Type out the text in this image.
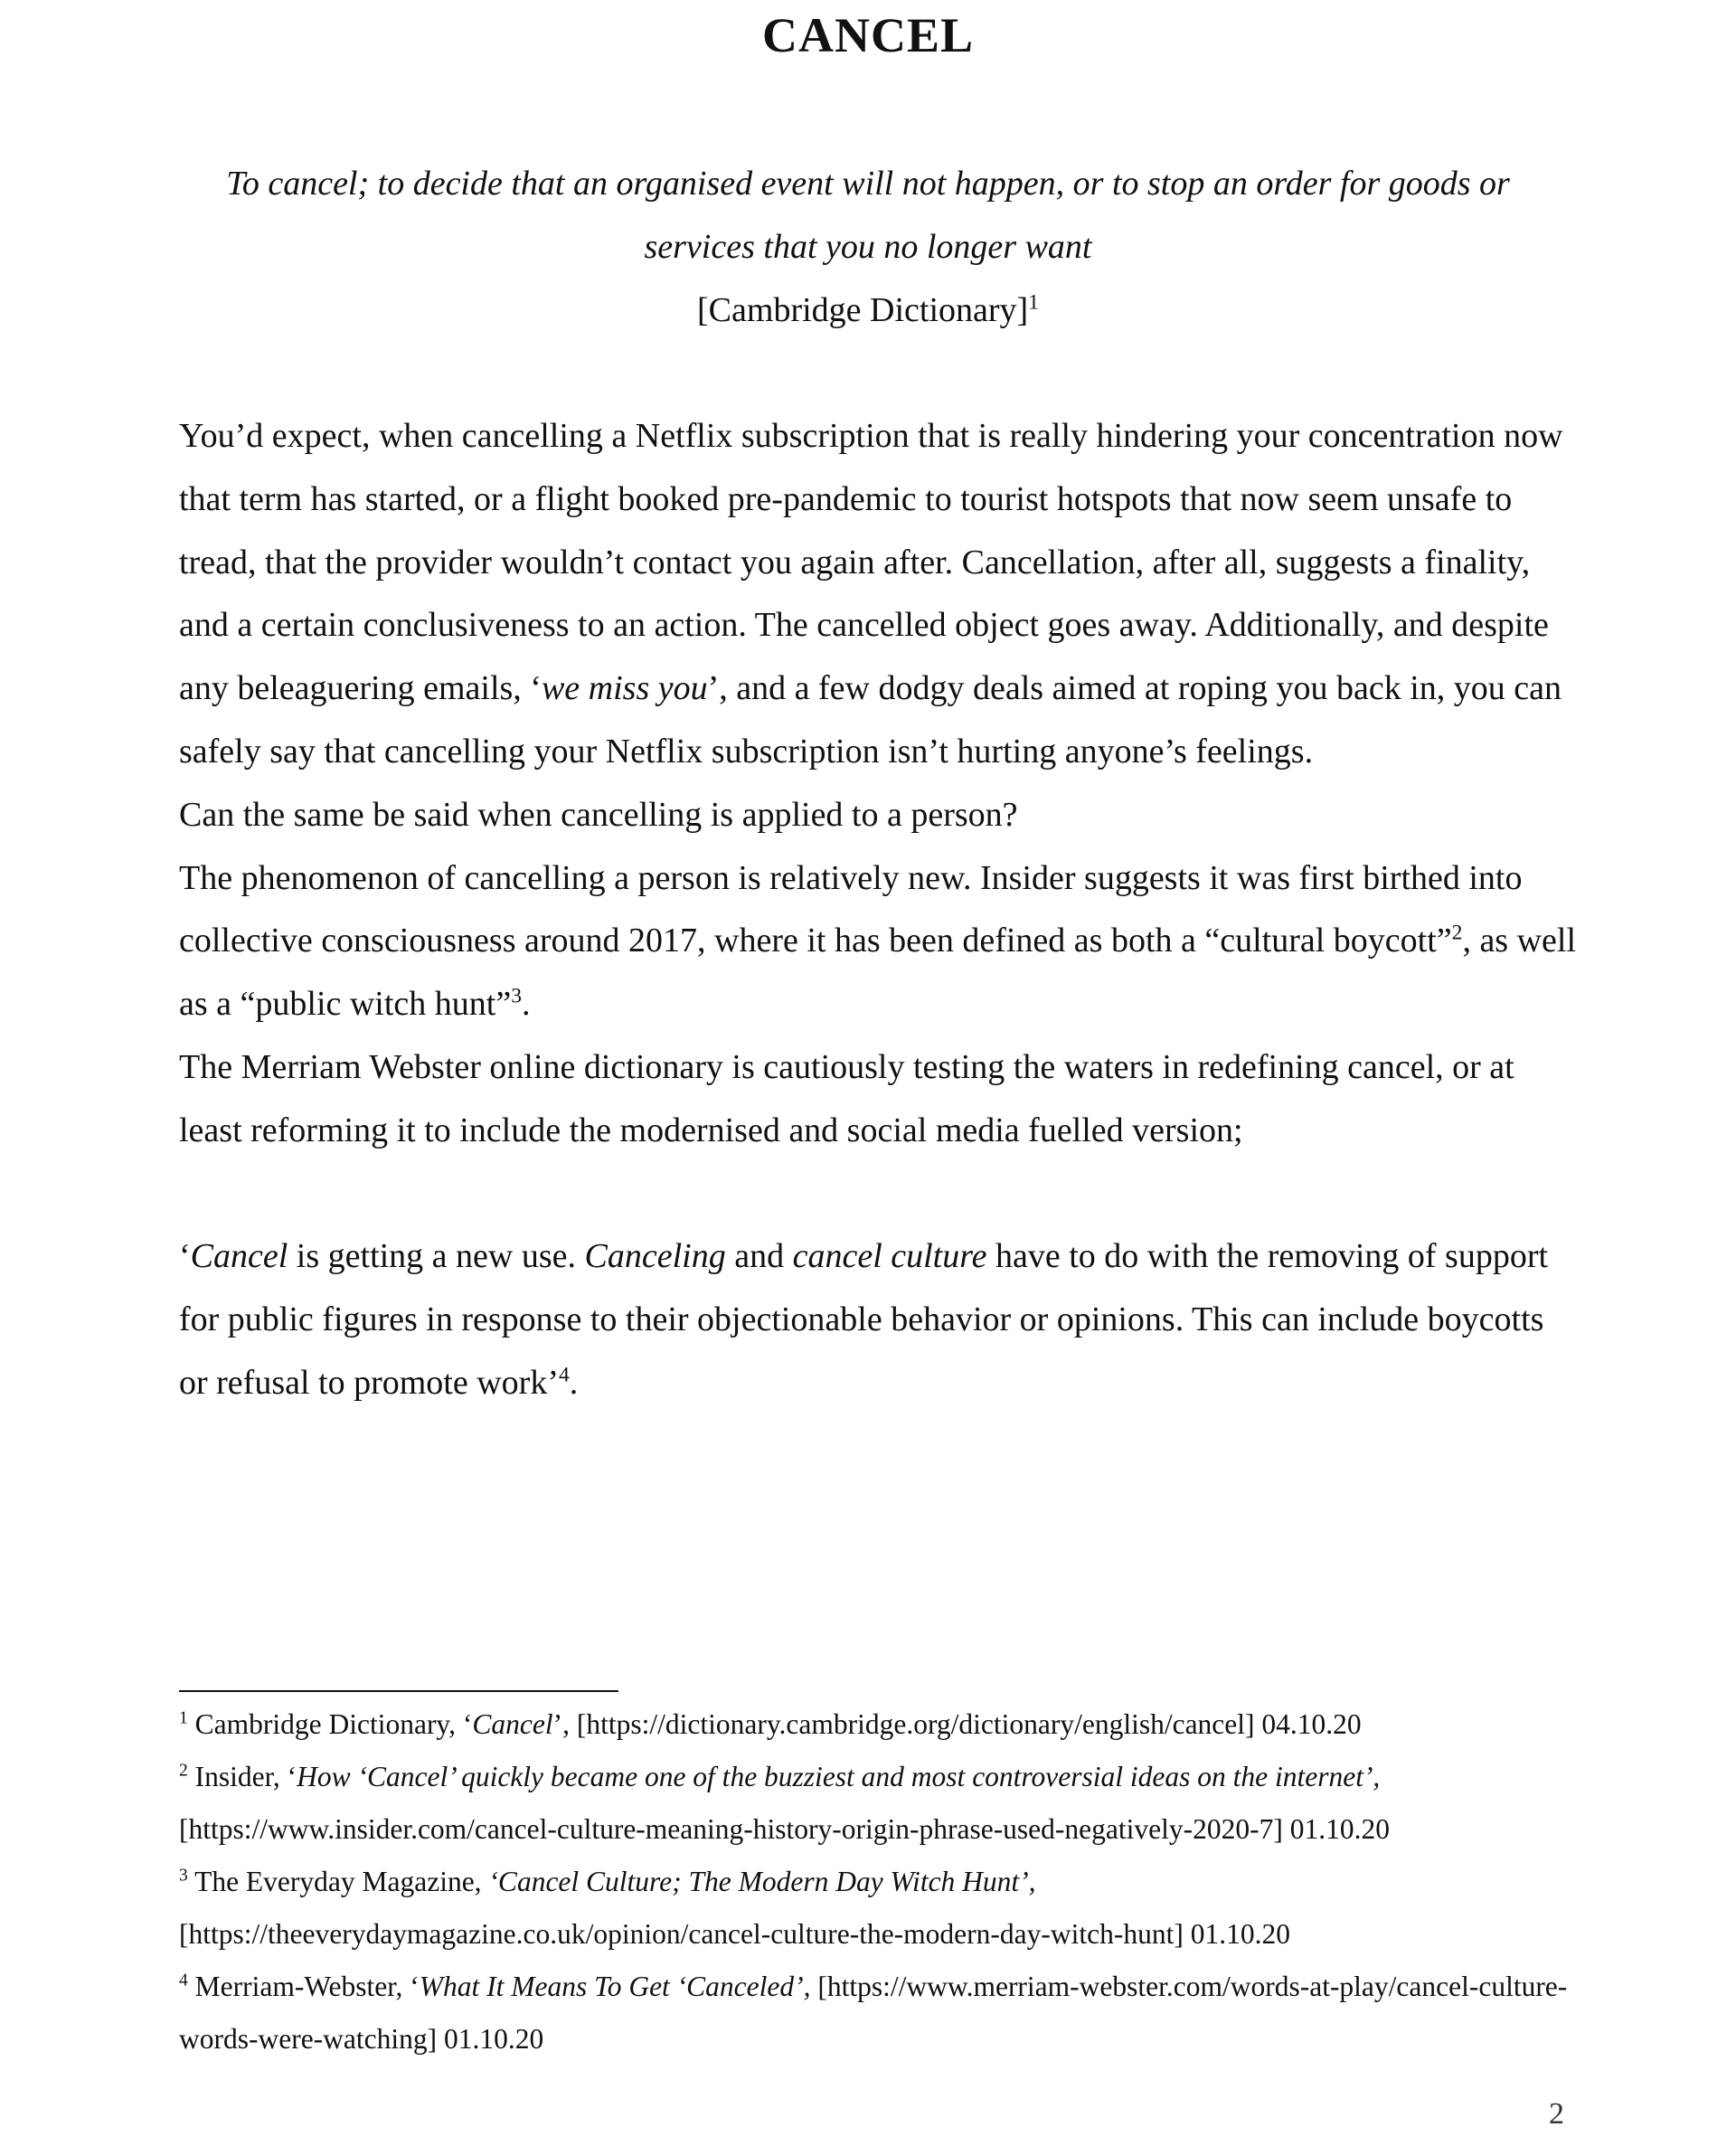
CANCEL
To cancel; to decide that an organised event will not happen, or to stop an order for goods or
services that you no longer want
[Cambridge Dictionary]$^1$

You’d expect, when cancelling a Netflix subscription that is really hindering your concentration now that term has started, or a flight booked pre-pandemic to tourist hotspots that now seem unsafe to tread, that the provider wouldn’t contact you again after. Cancellation, after all, suggests a finality, and a certain conclusiveness to an action. The cancelled object goes away. Additionally, and despite any beleaguering emails, ‘we miss you’, and a few dodgy deals aimed at roping you back in, you can safely say that cancelling your Netflix subscription isn’t hurting anyone’s feelings.

Can the same be said when cancelling is applied to a person?

The phenomenon of cancelling a person is relatively new. Insider suggests it was first birthed into collective consciousness around 2017, where it has been defined as both a “cultural boycott”$^2$, as well as a “public witch hunt”$^3$.

The Merriam Webster online dictionary is cautiously testing the waters in redefining cancel, or at least reforming it to include the modernised and social media fuelled version;

‘Cancel is getting a new use. Canceling and cancel culture have to do with the removing of support for public figures in response to their objectionable behavior or opinions. This can include boycotts or refusal to promote work’$^4$.

$^1$ Cambridge Dictionary, ‘Cancel’, [https://dictionary.cambridge.org/dictionary/english/cancel] 04.10.20

$^2$ Insider, ‘How ‘Cancel’ quickly became one of the buzziest and most controversial ideas on the internet’, [https://www.insider.com/cancel-culture-meaning-history-origin-phrase-used-negatively-2020-7] 01.10.20

$^3$ The Everyday Magazine, ‘Cancel Culture; The Modern Day Witch Hunt’, [https://theeverydaymagazine.co.uk/opinion/cancel-culture-the-modern-day-witch-hunt] 01.10.20

$^4$ Merriam-Webster, ‘What It Means To Get ‘Canceled’, [https://www.merriam-webster.com/words-at-play/cancel-culture-words-were-watching] 01.10.20

2
